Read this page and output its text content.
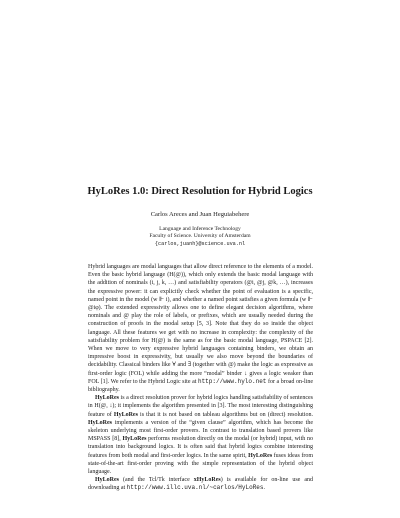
HyLoRes 1.0: Direct Resolution for Hybrid Logics
Carlos Areces and Juan Heguiabehere
Language and Inference Technology
Faculty of Science. University of Amsterdam
{carlos,juanh}@science.uva.nl

Hybrid languages are modal languages that allow direct reference to the elements of a model. Even the basic hybrid language (H(@)), which only extends the basic modal language with the addition of nominals (i, j, k, …) and satisfiability operators (@i, @j, @k, …), increases the expressive power: it can explicitly check whether the point of evaluation is a specific, named point in the model (w ⊩ i), and whether a named point satisfies a given formula (w ⊩ @iφ). The extended expressivity allows one to define elegant decision algorithms, where nominals and @ play the role of labels, or prefixes, which are usually needed during the construction of proofs in the modal setup [5, 3]. Note that they do so inside the object language. All these features we get with no increase in complexity: the complexity of the satisfiability problem for H(@) is the same as for the basic modal language, PSPACE [2]. When we move to very expressive hybrid languages containing binders, we obtain an impressive boost in expressivity, but usually we also move beyond the boundaries of decidability. Classical binders like ∀ and ∃ (together with @) make the logic as expressive as first-order logic (FOL) while adding the more “modal” binder ↓ gives a logic weaker than FOL [1]. We refer to the Hybrid Logic site at http://www.hylo.net for a broad on-line bibliography.

HyLoRes is a direct resolution prover for hybrid logics handling satisfiability of sentences in H(@, ↓); it implements the algorithm presented in [3]. The most interesting distinguishing feature of HyLoRes is that it is not based on tableau algorithms but on (direct) resolution. HyLoRes implements a version of the “given clause” algorithm, which has become the skeleton underlying most first-order provers. In contrast to translation based provers like MSPASS [8], HyLoRes performs resolution directly on the modal (or hybrid) input, with no translation into background logics. It is often said that hybrid logics combine interesting features from both modal and first-order logics. In the same spirit, HyLoRes fuses ideas from state-of-the-art first-order proving with the simple representation of the hybrid object language.

HyLoRes (and the Tcl/Tk interface xHyLoRes) is available for on-line use and downloading at http://www.illc.uva.nl/~carlos/HyLoRes.
